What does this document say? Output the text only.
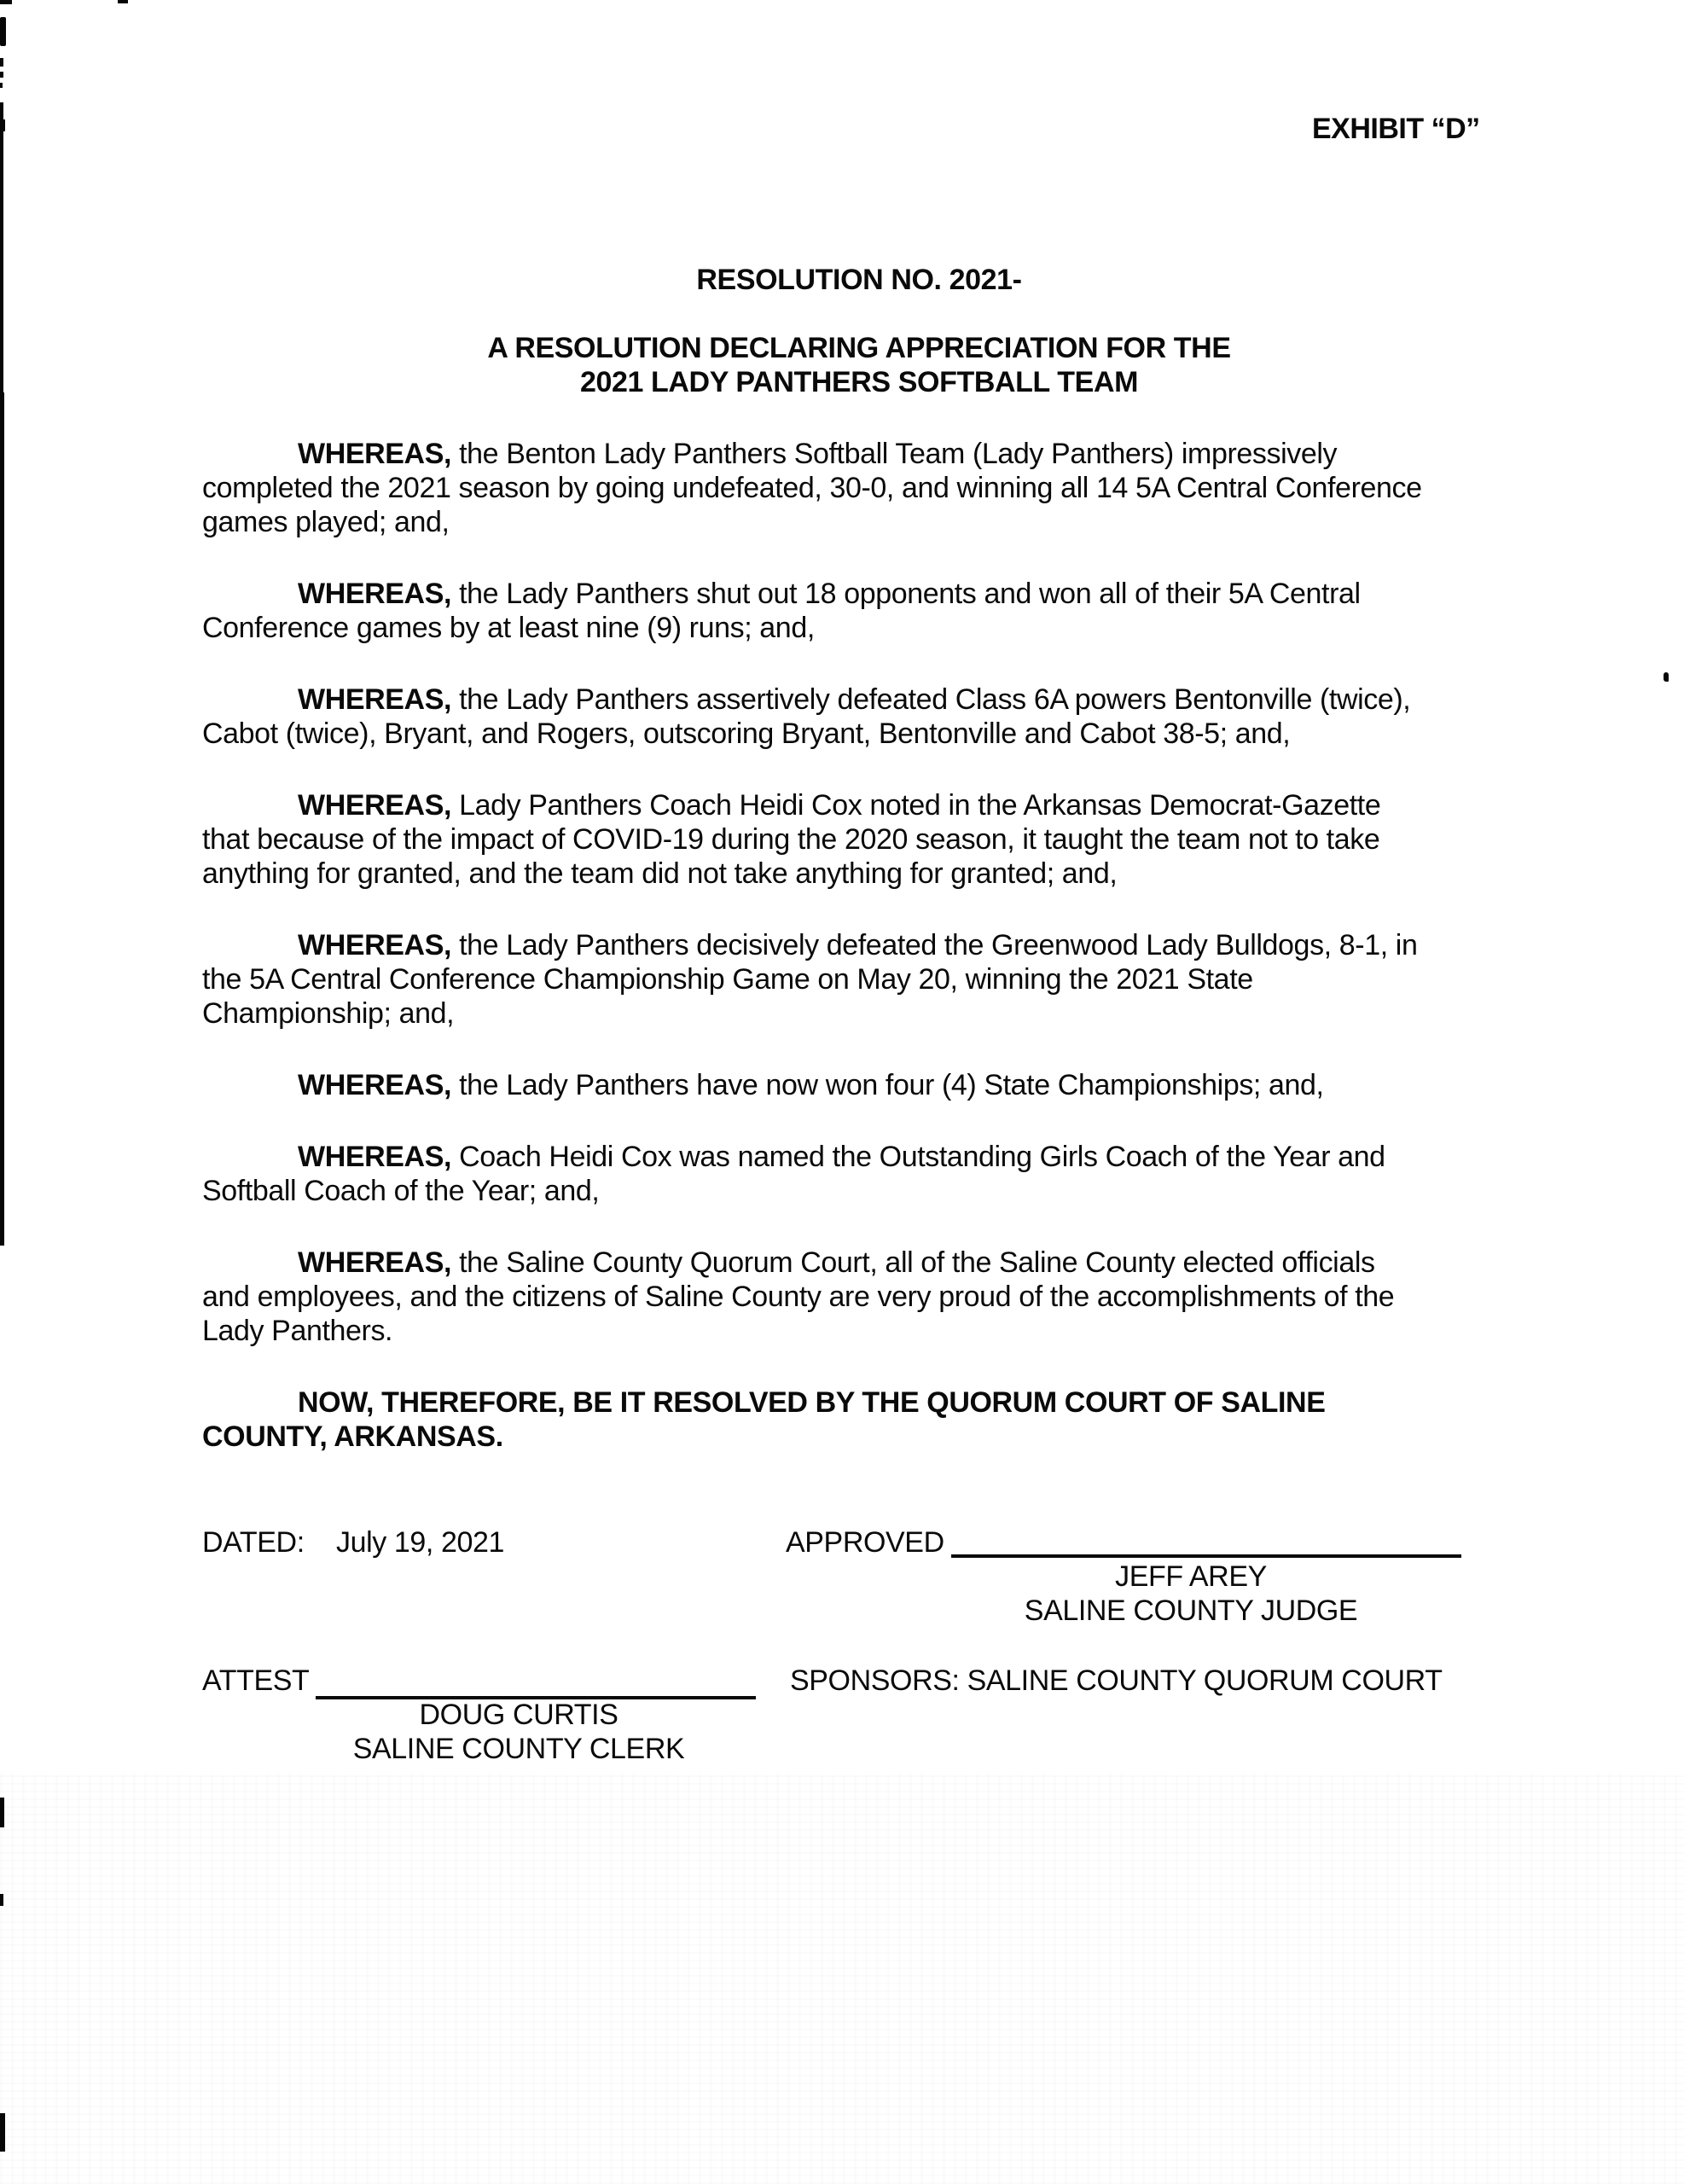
EXHIBIT “D”
RESOLUTION NO. 2021-
A RESOLUTION DECLARING APPRECIATION FOR THE
2021 LADY PANTHERS SOFTBALL TEAM
WHEREAS, the Benton Lady Panthers Softball Team (Lady Panthers) impressively
completed the 2021 season by going undefeated, 30-0, and winning all 14 5A Central Conference
games played; and,
WHEREAS, the Lady Panthers shut out 18 opponents and won all of their 5A Central
Conference games by at least nine (9) runs; and,
WHEREAS, the Lady Panthers assertively defeated Class 6A powers Bentonville (twice),
Cabot (twice), Bryant, and Rogers, outscoring Bryant, Bentonville and Cabot 38-5; and,
WHEREAS, Lady Panthers Coach Heidi Cox noted in the Arkansas Democrat-Gazette
that because of the impact of COVID-19 during the 2020 season, it taught the team not to take
anything for granted, and the team did not take anything for granted; and,
WHEREAS, the Lady Panthers decisively defeated the Greenwood Lady Bulldogs, 8-1, in
the 5A Central Conference Championship Game on May 20, winning the 2021 State
Championship; and,
WHEREAS, the Lady Panthers have now won four (4) State Championships; and,
WHEREAS, Coach Heidi Cox was named the Outstanding Girls Coach of the Year and
Softball Coach of the Year; and,
WHEREAS, the Saline County Quorum Court, all of the Saline County elected officials
and employees, and the citizens of Saline County are very proud of the accomplishments of the
Lady Panthers.
NOW, THEREFORE, BE IT RESOLVED BY THE QUORUM COURT OF SALINE
COUNTY, ARKANSAS.
DATED: July 19, 2021	APPROVED
JEFF AREY
SALINE COUNTY JUDGE
ATTEST	SPONSORS: SALINE COUNTY QUORUM COURT
DOUG CURTIS
SALINE COUNTY CLERK
